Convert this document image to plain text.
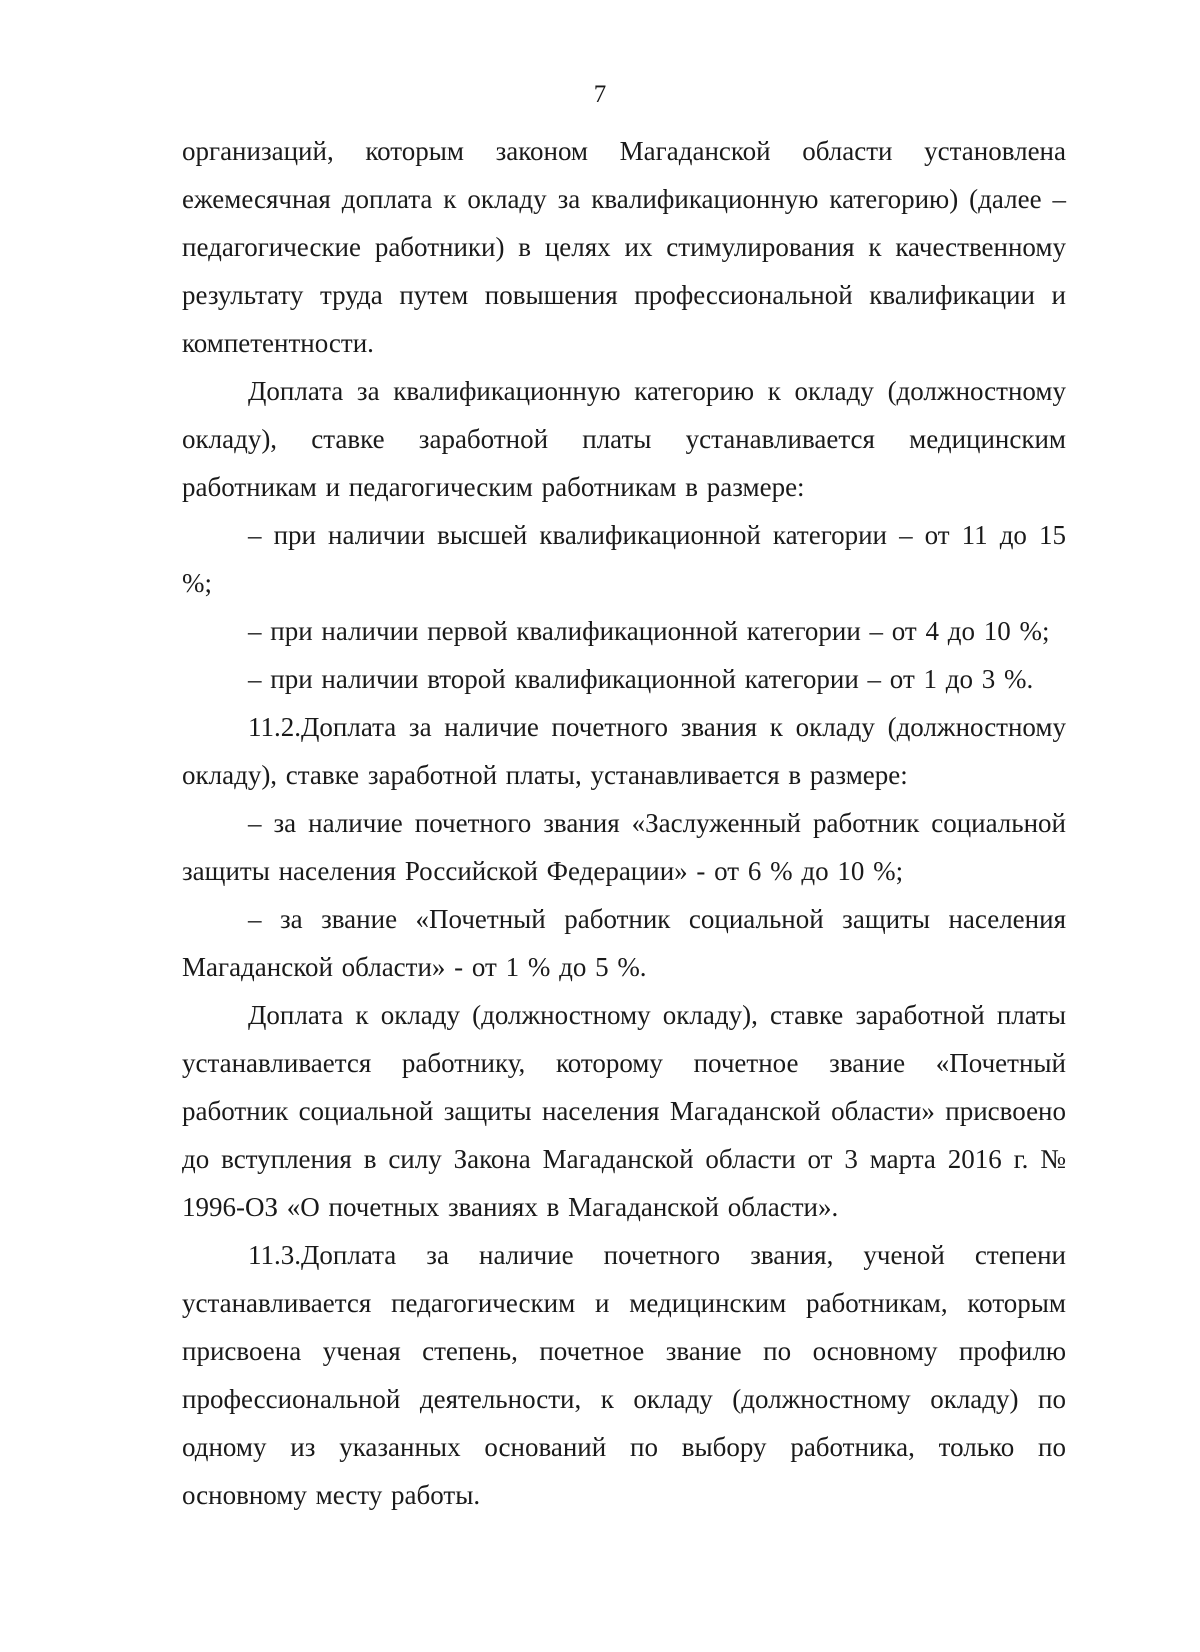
7

организаций, которым законом Магаданской области установлена ежемесячная доплата к окладу за квалификационную категорию) (далее – педагогические работники) в целях их стимулирования к качественному результату труда путем повышения профессиональной квалификации и компетентности.

Доплата за квалификационную категорию к окладу (должностному окладу), ставке заработной платы устанавливается медицинским работникам и педагогическим работникам в размере:

– при наличии высшей квалификационной категории – от 11 до 15 %;

– при наличии первой квалификационной категории – от 4 до 10 %;

– при наличии второй квалификационной категории – от 1 до 3 %.

11.2.Доплата за наличие почетного звания к окладу (должностному окладу), ставке заработной платы, устанавливается в размере:

– за наличие почетного звания «Заслуженный работник социальной защиты населения Российской Федерации» - от 6 % до 10 %;

– за звание «Почетный работник социальной защиты населения Магаданской области» - от 1 % до 5 %.

Доплата к окладу (должностному окладу), ставке заработной платы устанавливается работнику, которому почетное звание «Почетный работник социальной защиты населения Магаданской области» присвоено до вступления в силу Закона Магаданской области от 3 марта 2016 г. № 1996-ОЗ «О почетных званиях в Магаданской области».

11.3.Доплата за наличие почетного звания, ученой степени устанавливается педагогическим и медицинским работникам, которым присвоена ученая степень, почетное звание по основному профилю профессиональной деятельности, к окладу (должностному окладу) по одному из указанных оснований по выбору работника, только по основному месту работы.
